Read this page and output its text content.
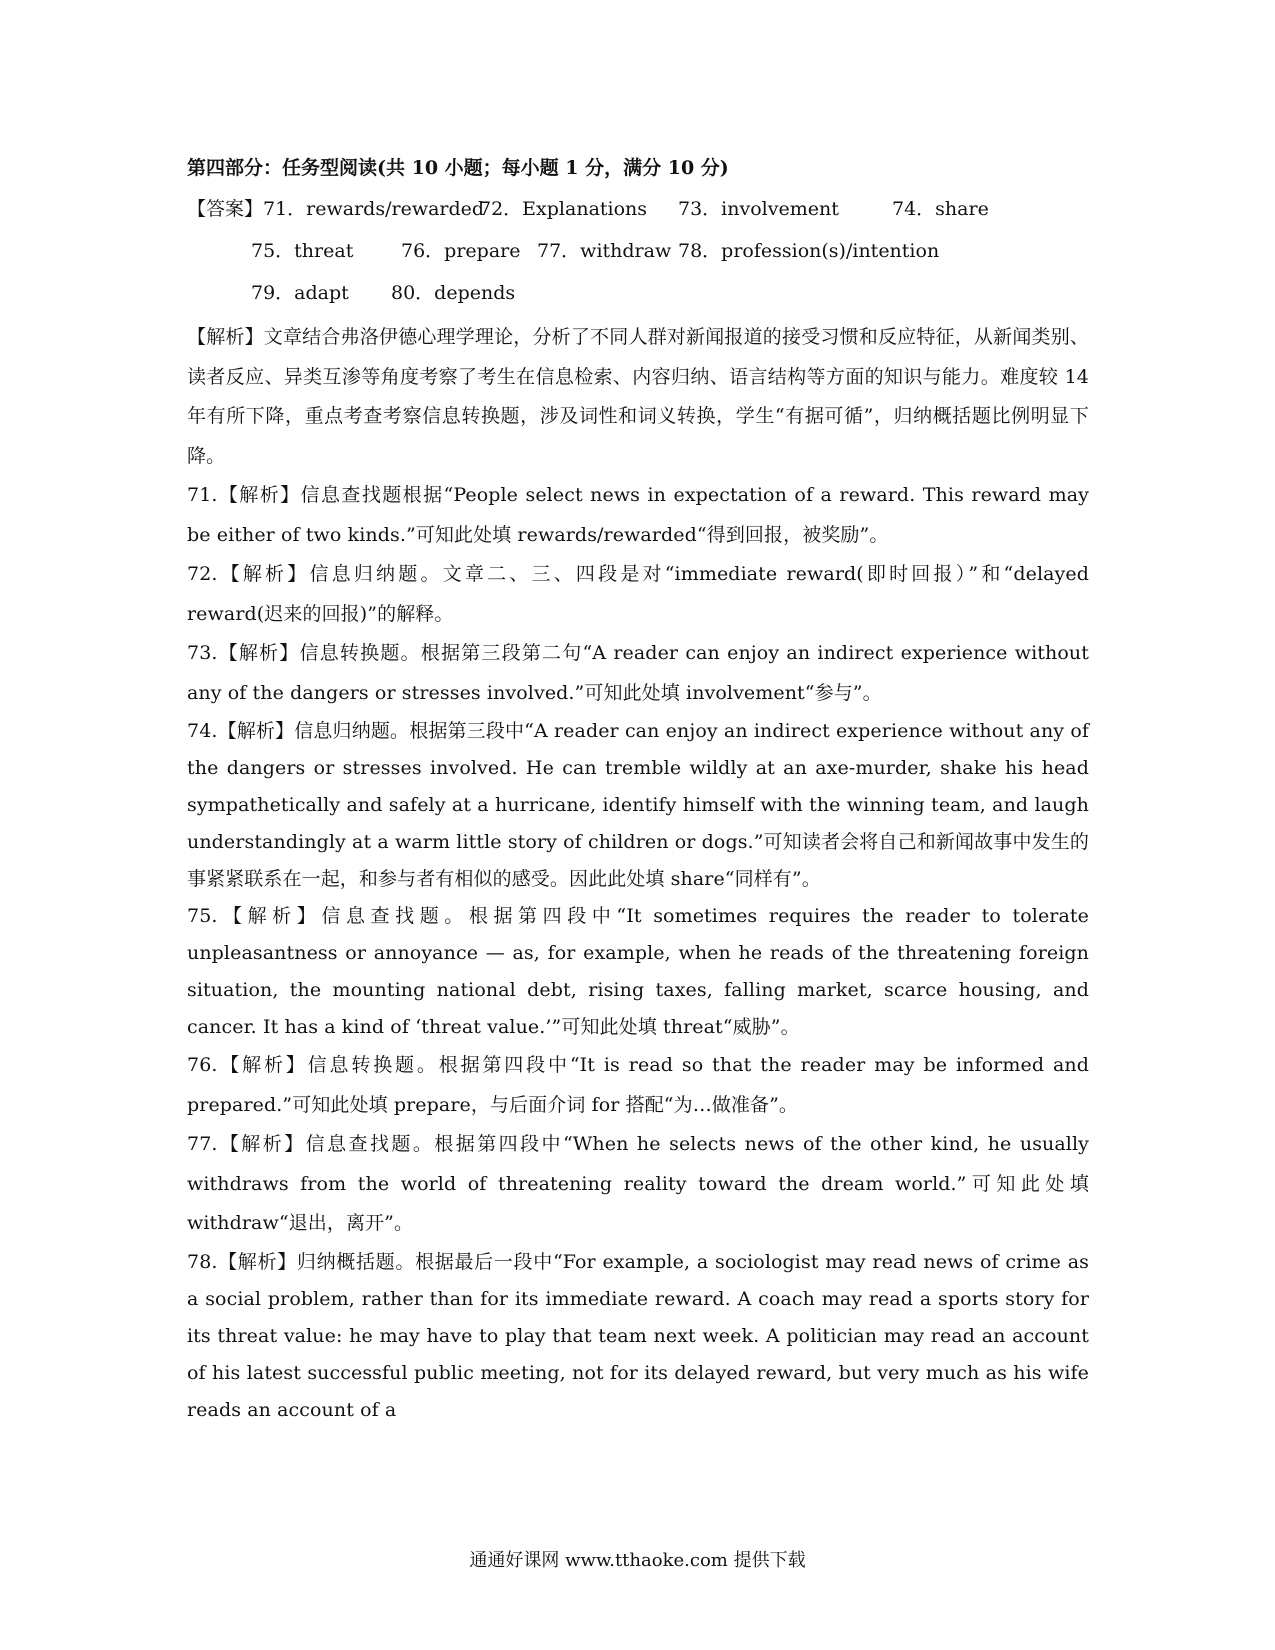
第四部分：任务型阅读(共 10 小题；每小题 1 分，满分 10 分)
【答案】 71．rewards/rewarded
72．Explanations 73．involvement	74．share
75．threat	76．prepare 77．withdraw 78．profession(s)/intention
79．adapt 80．depends

【解析】文章结合弗洛伊德心理学理论，分析了不同人群对新闻报道的接受习惯和反应特征，从新闻类别、读者反应、异类互渗等角度考察了考生在信息检索、内容归纳、语言结构等方面的知识与能力。难度较 14 年有所下降，重点考查考察信息转换题，涉及词性和词义转换，学生“有据可循”，归纳概括题比例明显下降。

71.【解析】信息查找题根据“People select news in expectation of a reward. This reward may be either of two kinds.”可知此处填 rewards/rewarded“得到回报，被奖励”。

72.【解析】信息归纳题。文章二、三、四段是对“immediate reward(即时回报）”和“delayed reward(迟来的回报)”的解释。

73.【解析】信息转换题。根据第三段第二句“A reader can enjoy an indirect experience without any of the dangers or stresses involved.”可知此处填 involvement“参与”。

74.【解析】信息归纳题。根据第三段中“A reader can enjoy an indirect experience without any of the dangers or stresses involved. He can tremble wildly at an axe-murder, shake his head sympathetically and safely at a hurricane, identify himself with the winning team, and laugh understandingly at a warm little story of children or dogs.”可知读者会将自己和新闻故事中发生的事紧紧联系在一起，和参与者有相似的感受。因此此处填 share“同样有”。

75.【解析】信息查找题。根据第四段中“It sometimes requires the reader to tolerate unpleasantness or annoyance — as, for example, when he reads of the threatening foreign situation, the mounting national debt, rising taxes, falling market, scarce housing, and cancer. It has a kind of ‘threat value.’”可知此处填 threat“威胁”。

76.【解析】信息转换题。根据第四段中“It is read so that the reader may be informed and prepared.”可知此处填 prepare，与后面介词 for 搭配“为…做准备”。

77.【解析】信息查找题。根据第四段中“When he selects news of the other kind, he usually withdraws from the world of threatening reality toward the dream world.”可知此处填 withdraw“退出，离开”。

78.【解析】归纳概括题。根据最后一段中“For example, a sociologist may read news of crime as a social problem, rather than for its immediate reward. A coach may read a sports story for its threat value: he may have to play that team next week. A politician may read an account of his latest successful public meeting, not for its delayed reward, but very much as his wife reads an account of a

通通好课网 www.tthaoke.com 提供下载
